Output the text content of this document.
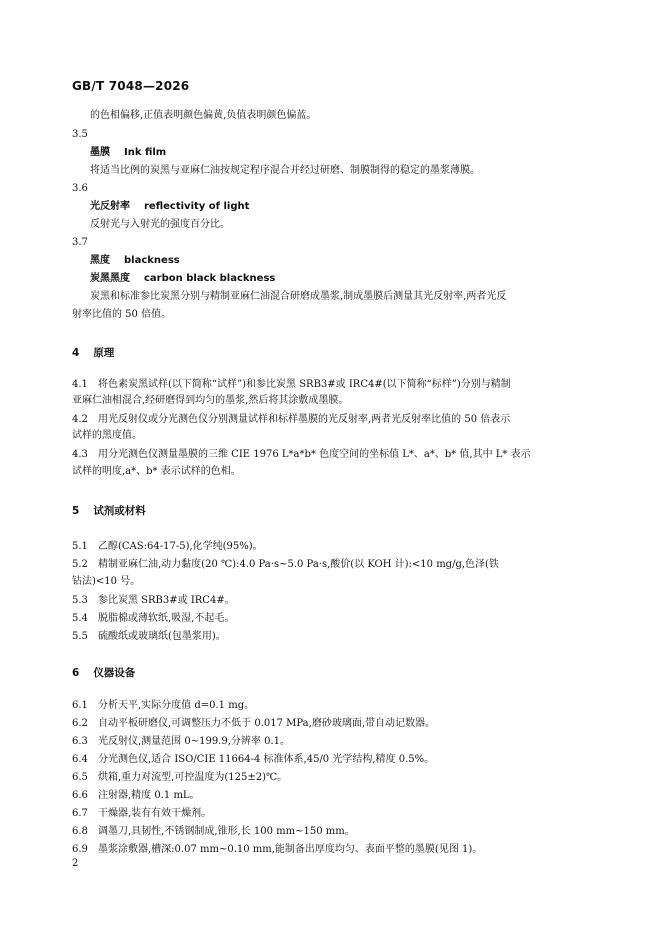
GB/T 7048—2026
的色相偏移,正值表明颜色偏黄,负值表明颜色偏蓝。
3.5
墨膜 Ink film
将适当比例的炭黑与亚麻仁油按规定程序混合并经过研磨、制膜制得的稳定的墨浆薄膜。
3.6
光反射率 reflectivity of light
反射光与入射光的强度百分比。
3.7
黑度 blackness
炭黑黑度 carbon black blackness
炭黑和标准参比炭黑分别与精制亚麻仁油混合研磨成墨浆,制成墨膜后测量其光反射率,两者光反
射率比值的 50 倍值。
4 原理
4.1 将色素炭黑试样(以下简称“试样”)和参比炭黑 SRB3#或 IRC4#(以下简称“标样”)分别与精制
亚麻仁油相混合,经研磨得到均匀的墨浆,然后将其涂敷成墨膜。
4.2 用光反射仪或分光测色仪分别测量试样和标样墨膜的光反射率,两者光反射率比值的 50 倍表示
试样的黑度值。
4.3 用分光测色仪测量墨膜的三维 CIE 1976 L*a*b* 色度空间的坐标值 L*、a*、b* 值,其中 L* 表示
试样的明度,a*、b* 表示试样的色相。
5 试剂或材料
5.1 乙醇(CAS:64-17-5),化学纯(95%)。
5.2 精制亚麻仁油,动力黏度(20 ℃):4.0 Pa·s~5.0 Pa·s,酸价(以 KOH 计):<10 mg/g,色泽(铁
钴法)<10 号。
5.3 参比炭黑 SRB3#或 IRC4#。
5.4 脱脂棉或薄软纸,吸湿,不起毛。
5.5 硫酸纸或玻璃纸(包墨浆用)。
6 仪器设备
6.1 分析天平,实际分度值 d=0.1 mg。
6.2 自动平板研磨仪,可调整压力不低于 0.017 MPa,磨砂玻璃面,带自动记数器。
6.3 光反射仪,测量范围 0~199.9,分辨率 0.1。
6.4 分光测色仪,适合 ISO/CIE 11664-4 标准体系,45/0 光学结构,精度 0.5%。
6.5 烘箱,重力对流型,可控温度为(125±2)℃。
6.6 注射器,精度 0.1 mL。
6.7 干燥器,装有有效干燥剂。
6.8 调墨刀,具韧性,不锈钢制成,锥形,长 100 mm~150 mm。
6.9 墨浆涂敷器,槽深:0.07 mm~0.10 mm,能制备出厚度均匀、表面平整的墨膜(见图 1)。
2
